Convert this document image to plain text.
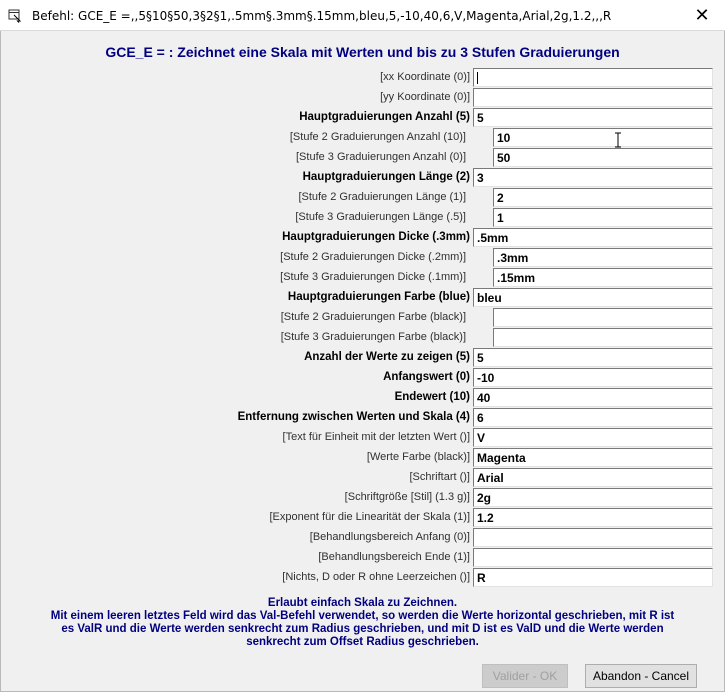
Befehl: GCE_E =,,5§10§50,3§2§1,.5mm§.3mm§.15mm,bleu,5,-10,40,6,V,Magenta,Arial,2g,1.2,,,R	✕
GCE_E = : Zeichnet eine Skala mit Werten und bis zu 3 Stufen Graduierungen
[xx Koordinate (0)]
[yy Koordinate (0)]
Hauptgraduierungen Anzahl (5) 5
[Stufe 2 Graduierungen Anzahl (10)]	10
[Stufe 3 Graduierungen Anzahl (0)]	50
Hauptgraduierungen Länge (2) 3
[Stufe 2 Graduierungen Länge (1)]	2
[Stufe 3 Graduierungen Länge (.5)]	1
Hauptgraduierungen Dicke (.3mm) .5mm
[Stufe 2 Graduierungen Dicke (.2mm)]	.3mm
[Stufe 3 Graduierungen Dicke (.1mm)]	.15mm
Hauptgraduierungen Farbe (blue) bleu
[Stufe 2 Graduierungen Farbe (black)]
[Stufe 3 Graduierungen Farbe (black)]
Anzahl der Werte zu zeigen (5) 5
Anfangswert (0) -10
Endewert (10) 40
Entfernung zwischen Werten und Skala (4) 6
[Text für Einheit mit der letzten Wert ()] V
[Werte Farbe (black)] Magenta
[Schriftart ()] Arial
[Schriftgröße [Stil] (1.3 g)] 2g
[Exponent für die Linearität der Skala (1)] 1.2
[Behandlungsbereich Anfang (0)]
[Behandlungsbereich Ende (1)]
[Nichts, D oder R ohne Leerzeichen ()] R
Erlaubt einfach Skala zu Zeichnen.
Mit einem leeren letztes Feld wird das Val-Befehl verwendet, so werden die Werte horizontal geschrieben, mit R ist
es ValR und die Werte werden senkrecht zum Radius geschrieben, und mit D ist es ValD und die Werte werden
senkrecht zum Offset Radius geschrieben.
Valider - OK	Abandon - Cancel
